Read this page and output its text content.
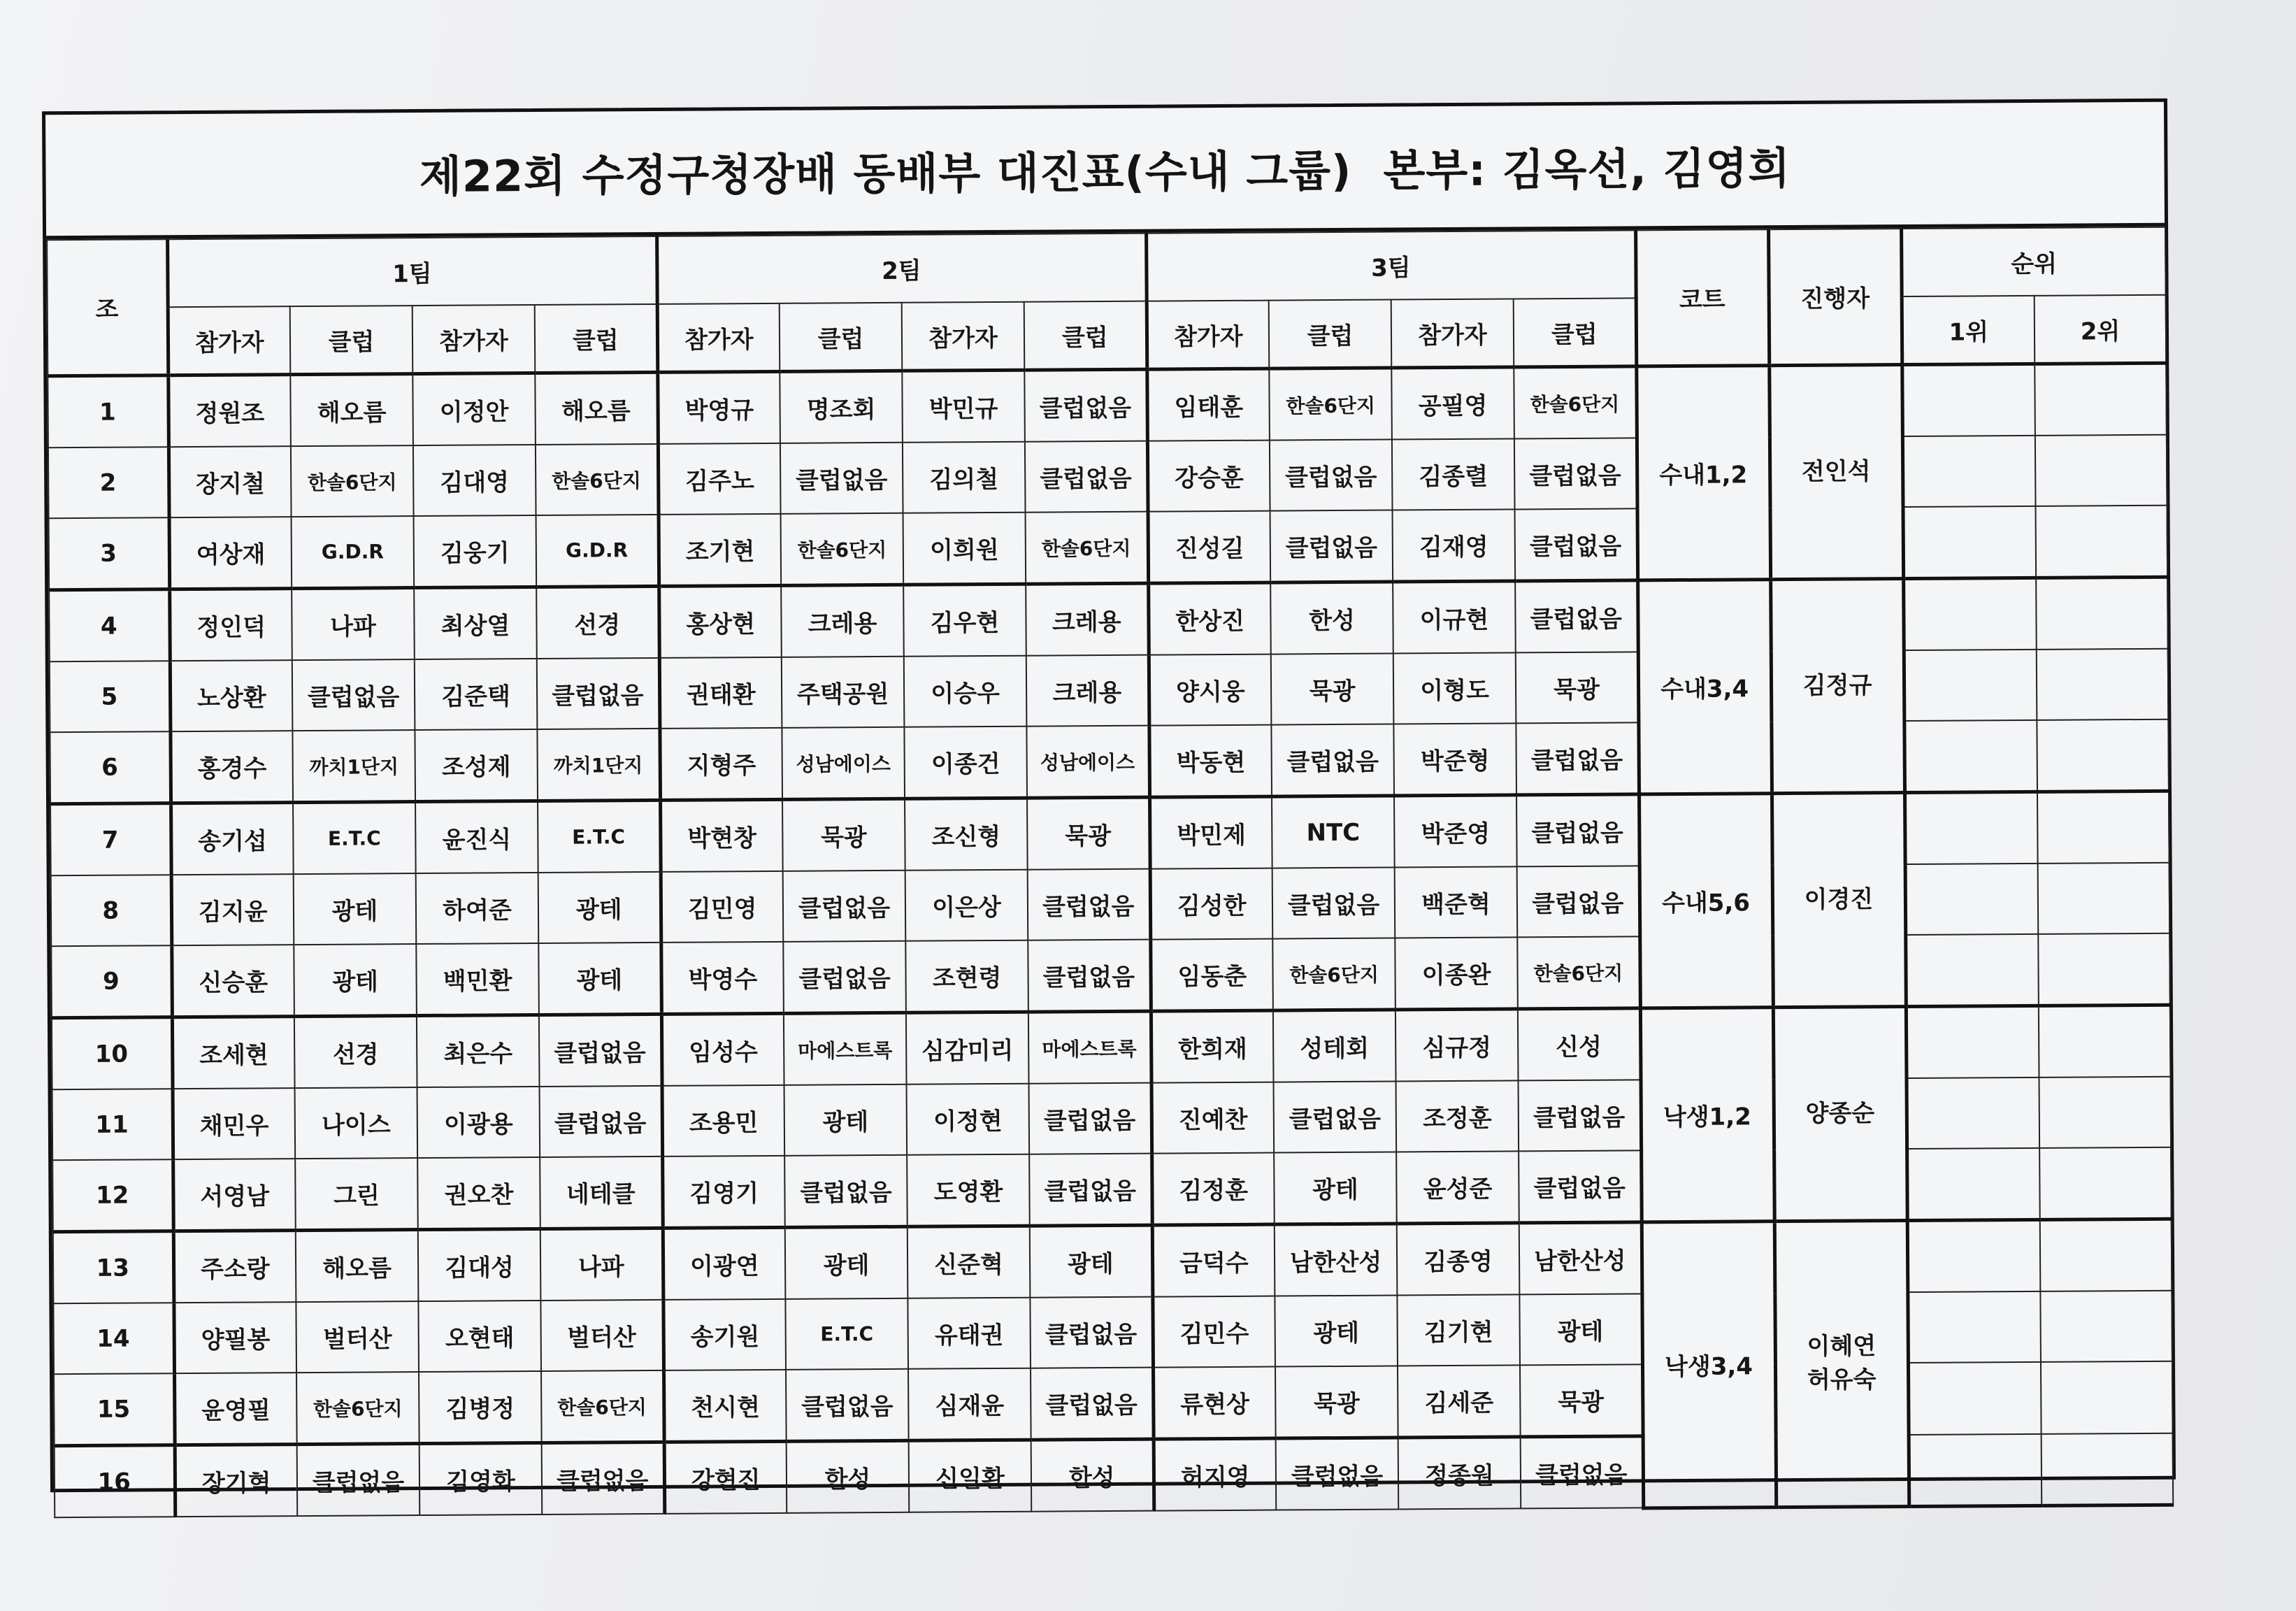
제22회 수정구청장배 동배부 대진표(수내 그룹)  본부: 김옥선, 김영희
조	1팀				2팀				3팀				코트	진행자	순위	
	참가자	클럽	참가자	클럽	참가자	클럽	참가자	클럽	참가자	클럽	참가자	클럽			1위	2위
1	정원조	해오름	이정안	해오름	박영규	명조회	박민규	클럽없음	임태훈	한솔6단지	공필영	한솔6단지	수내1,2	전인석		
2	장지철	한솔6단지	김대영	한솔6단지	김주노	클럽없음	김의철	클럽없음	강승훈	클럽없음	김종렬	클럽없음				
3	여상재	G.D.R	김웅기	G.D.R	조기현	한솔6단지	이희원	한솔6단지	진성길	클럽없음	김재영	클럽없음				
4	정인덕	나파	최상열	선경	홍상현	크레용	김우현	크레용	한상진	한성	이규현	클럽없음	수내3,4	김정규		
5	노상환	클럽없음	김준택	클럽없음	권태환	주택공원	이승우	크레용	양시웅	묵광	이형도	묵광				
6	홍경수	까치1단지	조성제	까치1단지	지형주	성남에이스	이종건	성남에이스	박동현	클럽없음	박준형	클럽없음				
7	송기섭	E.T.C	윤진식	E.T.C	박현창	묵광	조신형	묵광	박민제	NTC	박준영	클럽없음	수내5,6	이경진		
8	김지윤	광테	하여준	광테	김민영	클럽없음	이은상	클럽없음	김성한	클럽없음	백준혁	클럽없음				
9	신승훈	광테	백민환	광테	박영수	클럽없음	조현령	클럽없음	임동춘	한솔6단지	이종완	한솔6단지				
10	조세현	선경	최은수	클럽없음	임성수	마에스트록	심감미리	마에스트록	한희재	성테회	심규정	신성	낙생1,2	양종순		
11	채민우	나이스	이광용	클럽없음	조용민	광테	이정현	클럽없음	진예찬	클럽없음	조정훈	클럽없음				
12	서영남	그린	권오찬	네테클	김영기	클럽없음	도영환	클럽없음	김정훈	광테	윤성준	클럽없음				
13	주소랑	해오름	김대성	나파	이광연	광테	신준혁	광테	금덕수	남한산성	김종영	남한산성	낙생3,4	이혜연
허유숙		
14	양필봉	벌터산	오현태	벌터산	송기원	E.T.C	유태권	클럽없음	김민수	광테	김기현	광테				
15	윤영필	한솔6단지	김병정	한솔6단지	천시현	클럽없음	심재윤	클럽없음	류현상	묵광	김세준	묵광				
16	장기혁	클럽없음	김영화	클럽없음	강현진	한성	신일환	한성	허지영	클럽없음	정종원	클럽없음				
